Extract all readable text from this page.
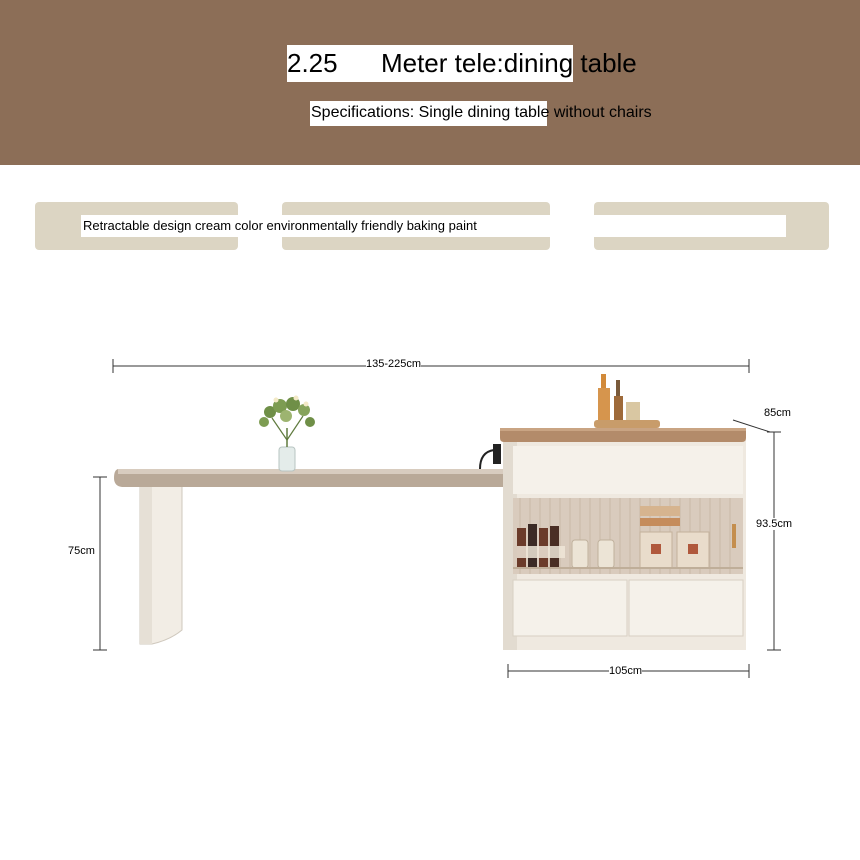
2.25      Meter tele:dining table
Specifications: Single dining table without chairs
Retractable design cream color environmentally friendly baking paint
135-225cm
75cm
85cm
93.5cm
105cm
